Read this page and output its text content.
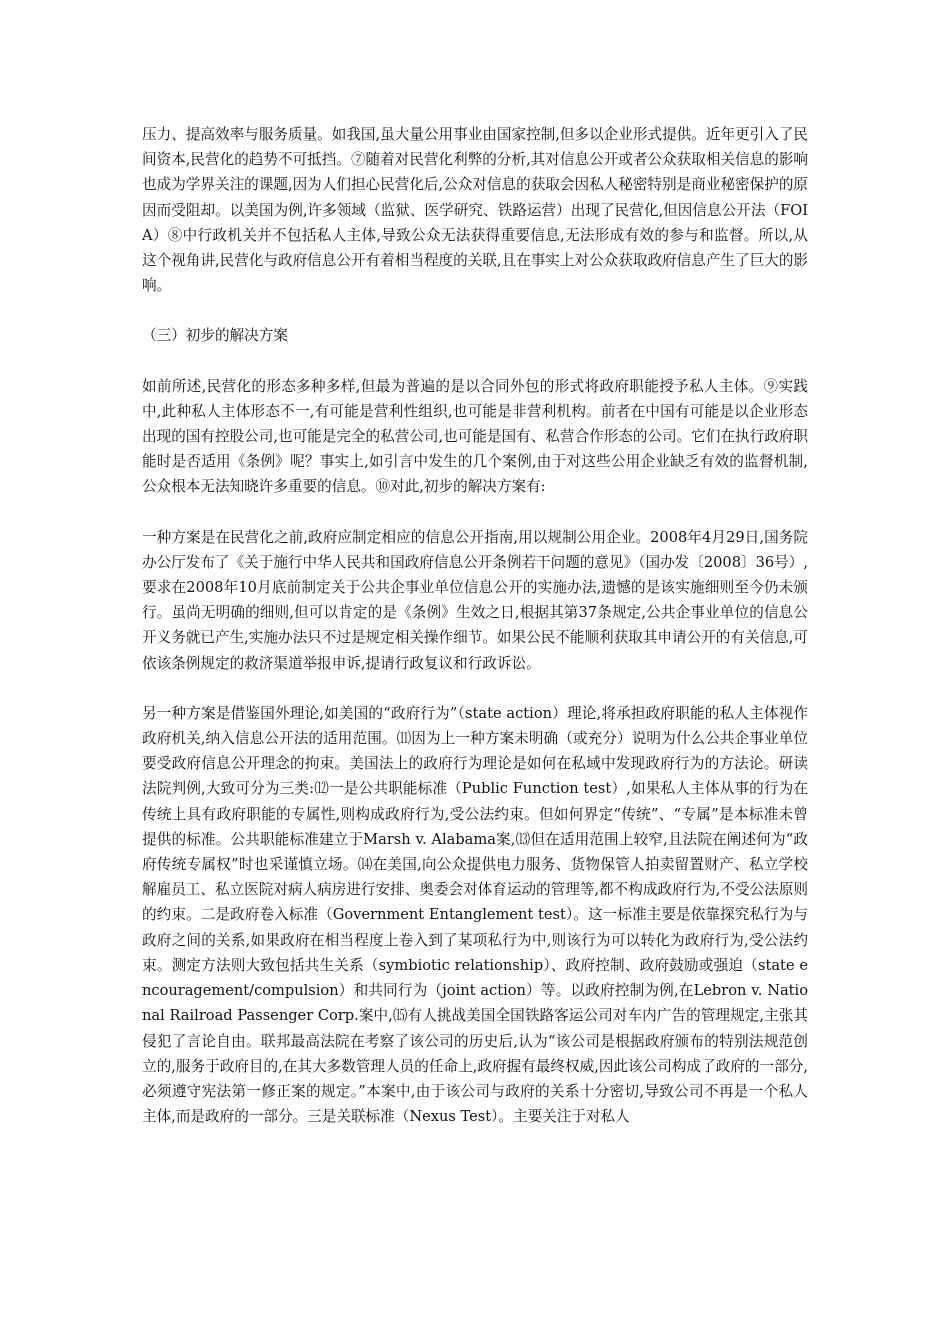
压力、提高效率与服务质量。如我国,虽大量公用事业由国家控制,但多以企业形式提供。近年更引入了民间资本,民营化的趋势不可抵挡。⑦随着对民营化利弊的分析,其对信息公开或者公众获取相关信息的影响也成为学界关注的课题,因为人们担心民营化后,公众对信息的获取会因私人秘密特别是商业秘密保护的原因而受阻却。以美国为例,许多领域（监狱、医学研究、铁路运营）出现了民营化,但因信息公开法（FOIA）⑧中行政机关并不包括私人主体,导致公众无法获得重要信息,无法形成有效的参与和监督。所以,从这个视角讲,民营化与政府信息公开有着相当程度的关联,且在事实上对公众获取政府信息产生了巨大的影响。

（三）初步的解决方案

如前所述,民营化的形态多种多样,但最为普遍的是以合同外包的形式将政府职能授予私人主体。⑨实践中,此种私人主体形态不一,有可能是营利性组织,也可能是非营利机构。前者在中国有可能是以企业形态出现的国有控股公司,也可能是完全的私营公司,也可能是国有、私营合作形态的公司。它们在执行政府职能时是否适用《条例》呢？事实上,如引言中发生的几个案例,由于对这些公用企业缺乏有效的监督机制,公众根本无法知晓许多重要的信息。⑩对此,初步的解决方案有:

一种方案是在民营化之前,政府应制定相应的信息公开指南,用以规制公用企业。2008年4月29日,国务院办公厅发布了《关于施行中华人民共和国政府信息公开条例若干问题的意见》（国办发〔2008〕36号）,要求在2008年10月底前制定关于公共企事业单位信息公开的实施办法,遗憾的是该实施细则至今仍未颁行。虽尚无明确的细则,但可以肯定的是《条例》生效之日,根据其第37条规定,公共企事业单位的信息公开义务就已产生,实施办法只不过是规定相关操作细节。如果公民不能顺利获取其申请公开的有关信息,可依该条例规定的救济渠道举报申诉,提请行政复议和行政诉讼。

另一种方案是借鉴国外理论,如美国的“政府行为”（state action）理论,将承担政府职能的私人主体视作政府机关,纳入信息公开法的适用范围。⑾因为上一种方案未明确（或充分）说明为什么公共企事业单位要受政府信息公开理念的拘束。美国法上的政府行为理论是如何在私域中发现政府行为的方法论。研读法院判例,大致可分为三类:⑿一是公共职能标准（Public Function test）,如果私人主体从事的行为在传统上具有政府职能的专属性,则构成政府行为,受公法约束。但如何界定“传统”、“专属”是本标准未曾提供的标准。公共职能标准建立于Marsh v. Alabama案,⒀但在适用范围上较窄,且法院在阐述何为“政府传统专属权”时也采谨慎立场。⒁在美国,向公众提供电力服务、货物保管人拍卖留置财产、私立学校解雇员工、私立医院对病人病房进行安排、奥委会对体育运动的管理等,都不构成政府行为,不受公法原则的约束。二是政府卷入标准（Government Entanglement test）。这一标准主要是依靠探究私行为与政府之间的关系,如果政府在相当程度上卷入到了某项私行为中,则该行为可以转化为政府行为,受公法约束。测定方法则大致包括共生关系（symbiotic relationship）、政府控制、政府鼓励或强迫（state encouragement/compulsion）和共同行为（joint action）等。以政府控制为例,在Lebron v. National Railroad Passenger Corp.案中,⒂有人挑战美国全国铁路客运公司对车内广告的管理规定,主张其侵犯了言论自由。联邦最高法院在考察了该公司的历史后,认为“该公司是根据政府颁布的特别法规范创立的,服务于政府目的,在其大多数管理人员的任命上,政府握有最终权威,因此该公司构成了政府的一部分,必须遵守宪法第一修正案的规定。”本案中,由于该公司与政府的关系十分密切,导致公司不再是一个私人主体,而是政府的一部分。三是关联标准（Nexus Test）。主要关注于对私人
